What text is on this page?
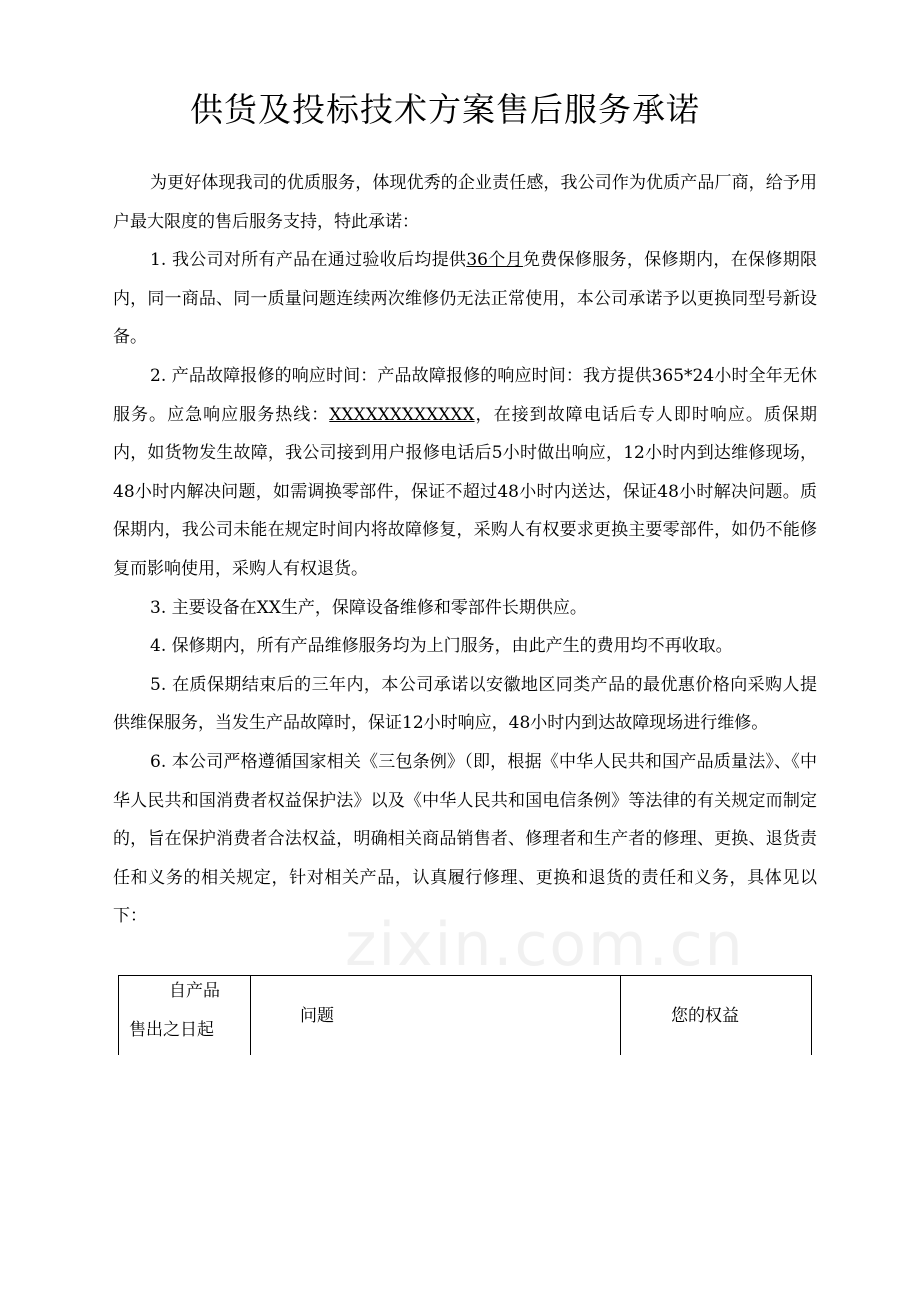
供货及投标技术方案售后服务承诺

为更好体现我司的优质服务，体现优秀的企业责任感，我公司作为优质产品厂商，给予用户最大限度的售后服务支持，特此承诺：

1. 我公司对所有产品在通过验收后均提供36个月免费保修服务，保修期内，在保修期限内，同一商品、同一质量问题连续两次维修仍无法正常使用，本公司承诺予以更换同型号新设备。

2. 产品故障报修的响应时间：产品故障报修的响应时间：我方提供365*24小时全年无休服务。应急响应服务热线：XXXXXXXXXXXX，在接到故障电话后专人即时响应。质保期内，如货物发生故障，我公司接到用户报修电话后5小时做出响应，12小时内到达维修现场，48小时内解决问题，如需调换零部件，保证不超过48小时内送达，保证48小时解决问题。质保期内，我公司未能在规定时间内将故障修复，采购人有权要求更换主要零部件，如仍不能修复而影响使用，采购人有权退货。

3. 主要设备在XX生产，保障设备维修和零部件长期供应。

4. 保修期内，所有产品维修服务均为上门服务，由此产生的费用均不再收取。

5. 在质保期结束后的三年内，本公司承诺以安徽地区同类产品的最优惠价格向采购人提供维保服务，当发生产品故障时，保证12小时响应，48小时内到达故障现场进行维修。

6. 本公司严格遵循国家相关《三包条例》（即，根据《中华人民共和国产品质量法》、《中华人民共和国消费者权益保护法》以及《中华人民共和国电信条例》等法律的有关规定而制定的，旨在保护消费者合法权益，明确相关商品销售者、修理者和生产者的修理、更换、退货责任和义务的相关规定，针对相关产品，认真履行修理、更换和退货的责任和义务，具体见以下：

自产品
售出之日起
问题	您的权益
zixin.com.cn
